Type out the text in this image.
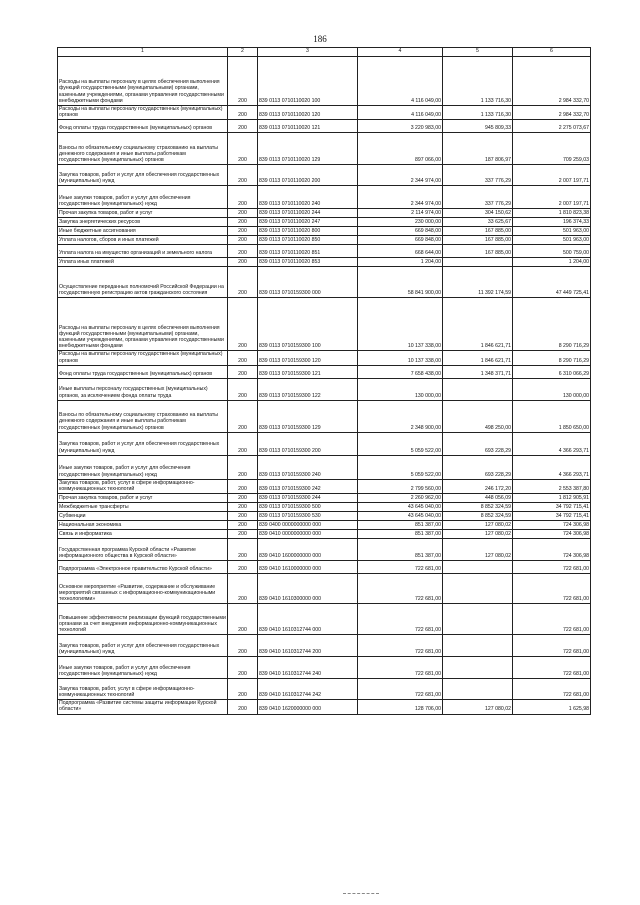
186
1	2	3	4	5	6
Расходы на выплаты персоналу в целях обеспечения выполнения функций государственными (муниципальными) органами, казенными учреждениями, органами управления государственными внебюджетными фондами	200	839 0113 0710110020 100	4 116 049,00	1 133 716,30	2 984 332,70
Расходы на выплаты персоналу государственных (муниципальных) органов	200	839 0113 0710110020 120	4 116 049,00	1 133 716,30	2 984 332,70
Фонд оплаты труда государственных (муниципальных) органов	200	839 0113 0710110020 121	3 220 983,00	945 809,33	2 275 073,67
Взносы по обязательному социальному страхованию на выплаты денежного содержания и иные выплаты работникам государственных (муниципальных) органов	200	839 0113 0710110020 129	897 066,00	187 806,97	709 259,03
Закупка товаров, работ и услуг для обеспечения государственных (муниципальных) нужд	200	839 0113 0710110020 200	2 344 974,00	337 776,29	2 007 197,71
Иные закупки товаров, работ и услуг для обеспечения государственных (муниципальных) нужд	200	839 0113 0710110020 240	2 344 974,00	337 776,29	2 007 197,71
Прочая закупка товаров, работ и услуг	200	839 0113 0710110020 244	2 114 974,00	304 150,62	1 810 823,38
Закупка энергетических ресурсов	200	839 0113 0710110020 247	230 000,00	33 625,67	196 374,33
Иные бюджетные ассигнования	200	839 0113 0710110020 800	669 848,00	167 885,00	501 963,00
Уплата налогов, сборов и иных платежей	200	839 0113 0710110020 850	669 848,00	167 885,00	501 963,00
Уплата налога на имущество организаций и земельного налога	200	839 0113 0710110020 851	668 644,00	167 885,00	500 759,00
Уплата иных платежей	200	839 0113 0710110020 853	1 204,00		1 204,00
Осуществление переданных полномочий Российской Федерации на государственную регистрацию актов гражданского состояния	200	839 0113 0710159300 000	58 841 900,00	11 392 174,59	47 449 725,41
Расходы на выплаты персоналу в целях обеспечения выполнения функций государственными (муниципальными) органами, казенными учреждениями, органами управления государственными внебюджетными фондами	200	839 0113 0710159300 100	10 137 338,00	1 846 621,71	8 290 716,29
Расходы на выплаты персоналу государственных (муниципальных) органов	200	839 0113 0710159300 120	10 137 338,00	1 846 621,71	8 290 716,29
Фонд оплаты труда государственных (муниципальных) органов	200	839 0113 0710159300 121	7 658 438,00	1 348 371,71	6 310 066,29
Иные выплаты персоналу государственных (муниципальных) органов, за исключением фонда оплаты труда	200	839 0113 0710159300 122	130 000,00		130 000,00
Взносы по обязательному социальному страхованию на выплаты денежного содержания и иные выплаты работникам государственных (муниципальных) органов	200	839 0113 0710159300 129	2 348 900,00	498 250,00	1 850 650,00
Закупка товаров, работ и услуг для обеспечения государственных (муниципальных) нужд	200	839 0113 0710159300 200	5 059 522,00	693 228,29	4 366 293,71
Иные закупки товаров, работ и услуг для обеспечения государственных (муниципальных) нужд	200	839 0113 0710159300 240	5 059 522,00	693 228,29	4 366 293,71
Закупка товаров, работ, услуг в сфере информационно-коммуникационных технологий	200	839 0113 0710159300 242	2 799 560,00	246 172,20	2 553 387,80
Прочая закупка товаров, работ и услуг	200	839 0113 0710159300 244	2 260 962,00	448 056,09	1 812 905,91
Межбюджетные трансферты	200	839 0113 0710159300 500	43 645 040,00	8 852 324,59	34 792 715,41
Субвенции	200	839 0113 0710159300 530	43 645 040,00	8 852 324,59	34 792 715,41
Национальная экономика	200	839 0400 0000000000 000	851 387,00	127 080,02	724 306,98
Связь и информатика	200	839 0410 0000000000 000	851 387,00	127 080,02	724 306,98
Государственная программа Курской области «Развитие информационного общества в Курской области»	200	839 0410 1600000000 000	851 387,00	127 080,02	724 306,98
Подпрограмма «Электронное правительство Курской области»	200	839 0410 1610000000 000	722 681,00		722 681,00
Основное мероприятие «Развитие, содержание и обслуживание мероприятий связанных с информационно-коммуникационными технологиями»	200	839 0410 1610300000 000	722 681,00		722 681,00
Повышение эффективности реализации функций государственными органами за счет внедрения информационно-коммуникационных технологий	200	839 0410 1610312744 000	722 681,00		722 681,00
Закупка товаров, работ и услуг для обеспечения государственных (муниципальных) нужд	200	839 0410 1610312744 200	722 681,00		722 681,00
Иные закупки товаров, работ и услуг для обеспечения государственных (муниципальных) нужд	200	839 0410 1610312744 240	722 681,00		722 681,00
Закупка товаров, работ, услуг в сфере информационно-коммуникационных технологий	200	839 0410 1610312744 242	722 681,00		722 681,00
Подпрограмма «Развитие системы защиты информации Курской области»	200	839 0410 1620000000 000	128 706,00	127 080,02	1 625,98
